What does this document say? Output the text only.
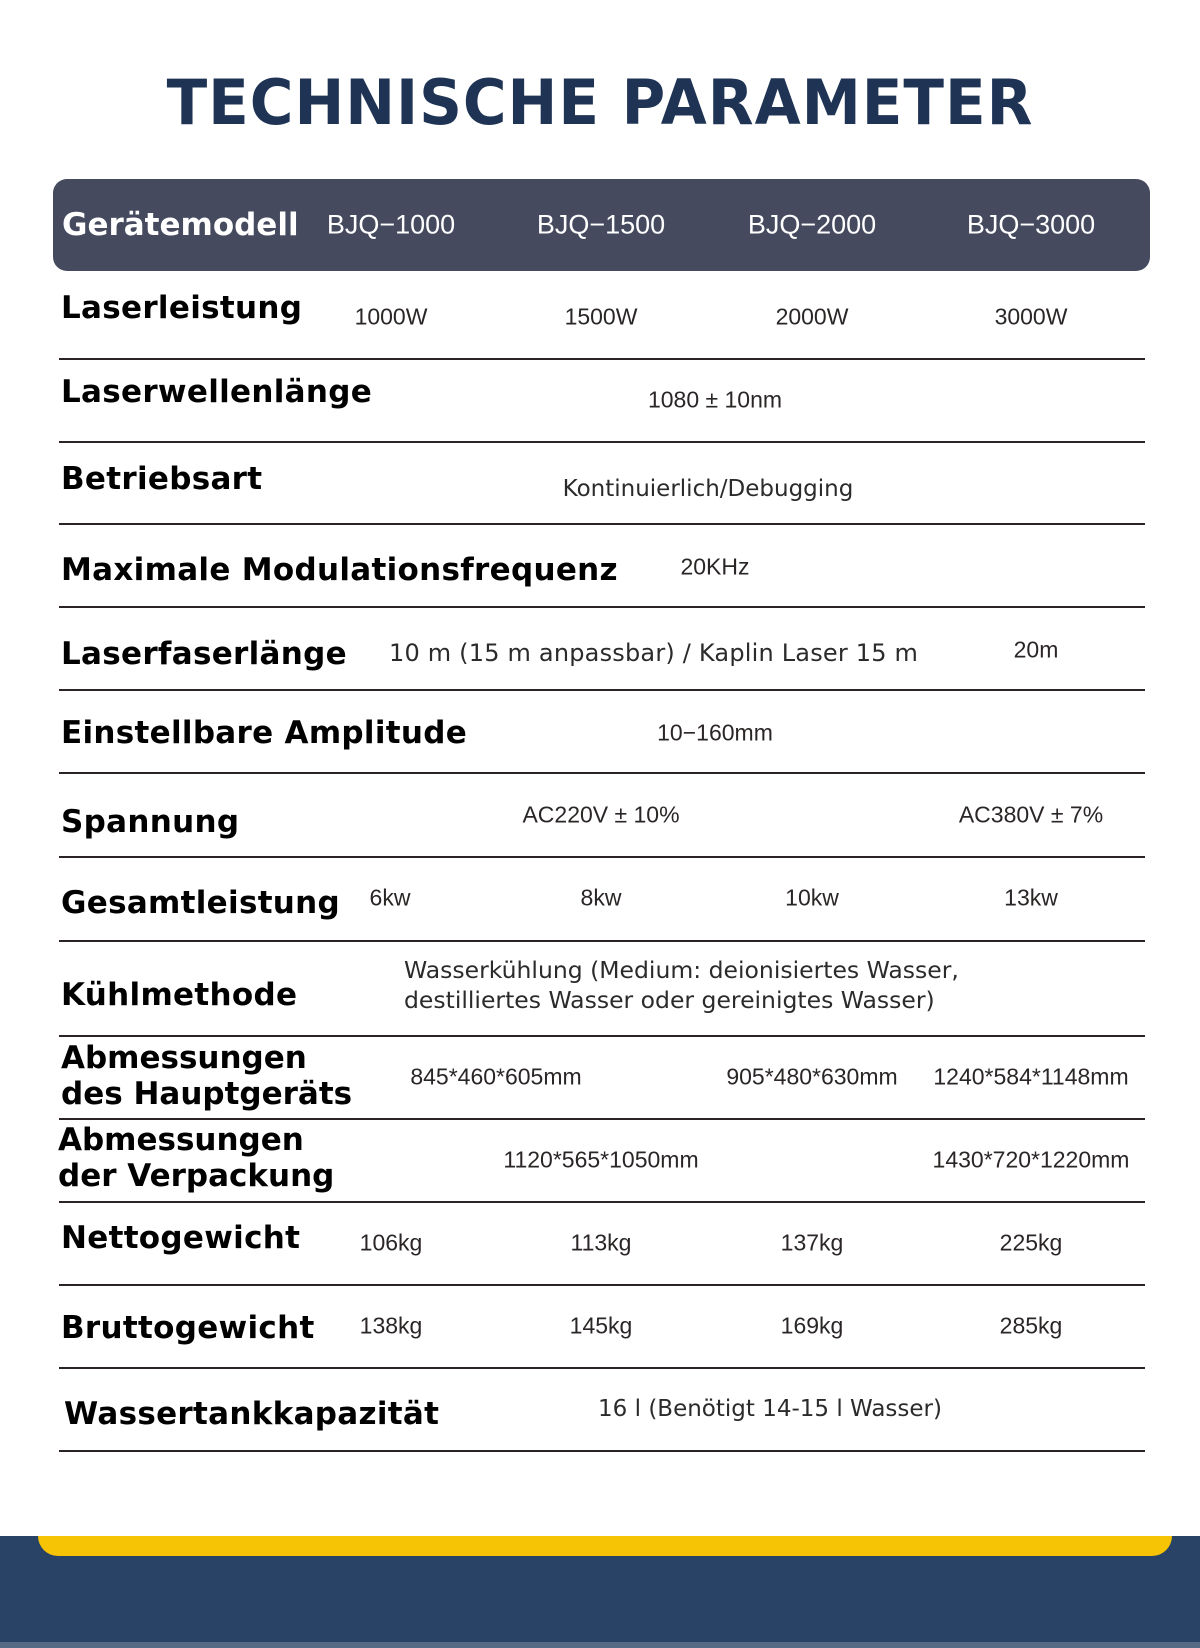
TECHNISCHE PARAMETER
Gerätemodell BJQ−1000	BJQ−1500	BJQ−2000	BJQ−3000
Laserleistung 1000W	1500W	2000W	3000W
Laserwellenlänge	1080 ± 10nm
Betriebsart	Kontinuierlich/Debugging
Maximale Modulationsfrequenz	20KHz
Laserfaserlänge 10 m (15 m anpassbar) / Kaplin Laser 15 m	20m
Einstellbare Amplitude	10−160mm
Spannung	AC220V ± 10%	AC380V ± 7%
Gesamtleistung 6kw	8kw	10kw	13kw
Kühlmethode
Wasserkühlung (Medium: deionisiertes Wasser,
destilliertes Wasser oder gereinigtes Wasser)
Abmessungen
des Hauptgeräts	845*460*605mm	905*480*630mm 1240*584*1148mm
Abmessungen
der Verpackung	1120*565*1050mm	1430*720*1220mm
Nettogewicht	106kg	113kg	137kg	225kg
Bruttogewicht 138kg	145kg	169kg	285kg
Wassertankkapazität	16 l (Benötigt 14-15 l Wasser)
